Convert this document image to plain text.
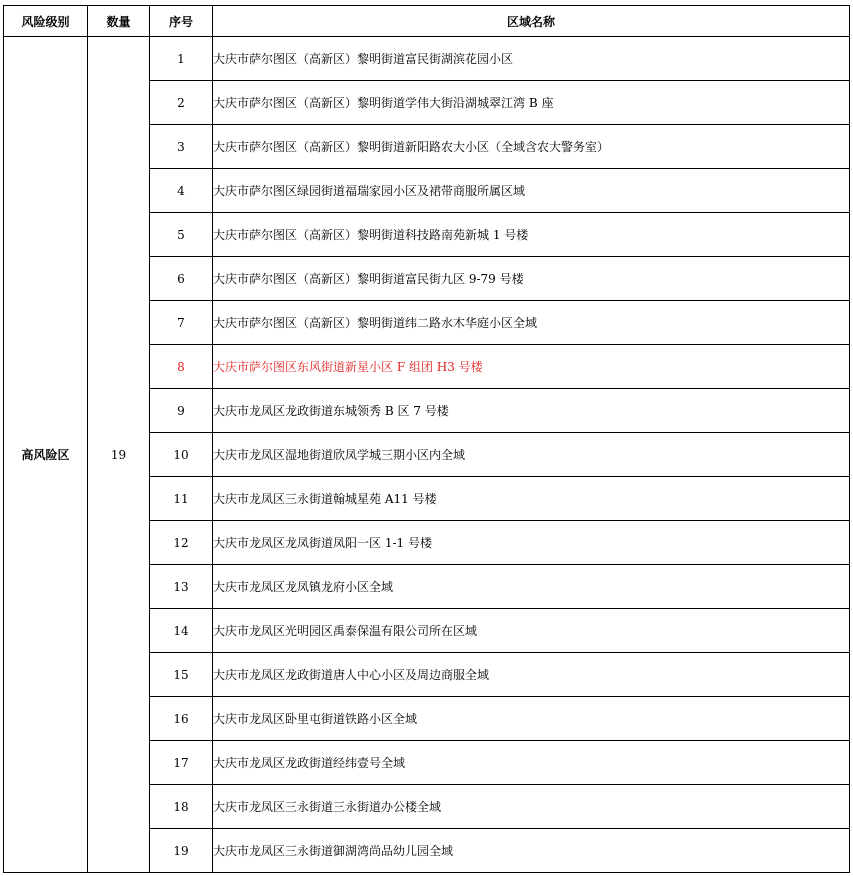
风险级别	数量	序号	区域名称
高风险区	19	1	大庆市萨尔图区（高新区）黎明街道富民街湖滨花园小区
		2	大庆市萨尔图区（高新区）黎明街道学伟大街沿湖城翠江湾 B 座
		3	大庆市萨尔图区（高新区）黎明街道新阳路农大小区（全域含农大警务室）
		4	大庆市萨尔图区绿园街道福瑞家园小区及裙带商服所属区域
		5	大庆市萨尔图区（高新区）黎明街道科技路南苑新城 1 号楼
		6	大庆市萨尔图区（高新区）黎明街道富民街九区 9-79 号楼
		7	大庆市萨尔图区（高新区）黎明街道纬二路水木华庭小区全域
		8	大庆市萨尔图区东风街道新星小区 F 组团 H3 号楼
		9	大庆市龙凤区龙政街道东城领秀 B 区 7 号楼
		10	大庆市龙凤区湿地街道欣凤学城三期小区内全域
		11	大庆市龙凤区三永街道翰城星苑 A11 号楼
		12	大庆市龙凤区龙凤街道凤阳一区 1-1 号楼
		13	大庆市龙凤区龙凤镇龙府小区全域
		14	大庆市龙凤区光明园区禹泰保温有限公司所在区域
		15	大庆市龙凤区龙政街道唐人中心小区及周边商服全域
		16	大庆市龙凤区卧里屯街道铁路小区全域
		17	大庆市龙凤区龙政街道经纬壹号全域
		18	大庆市龙凤区三永街道三永街道办公楼全域
		19	大庆市龙凤区三永街道御湖湾尚品幼儿园全域
